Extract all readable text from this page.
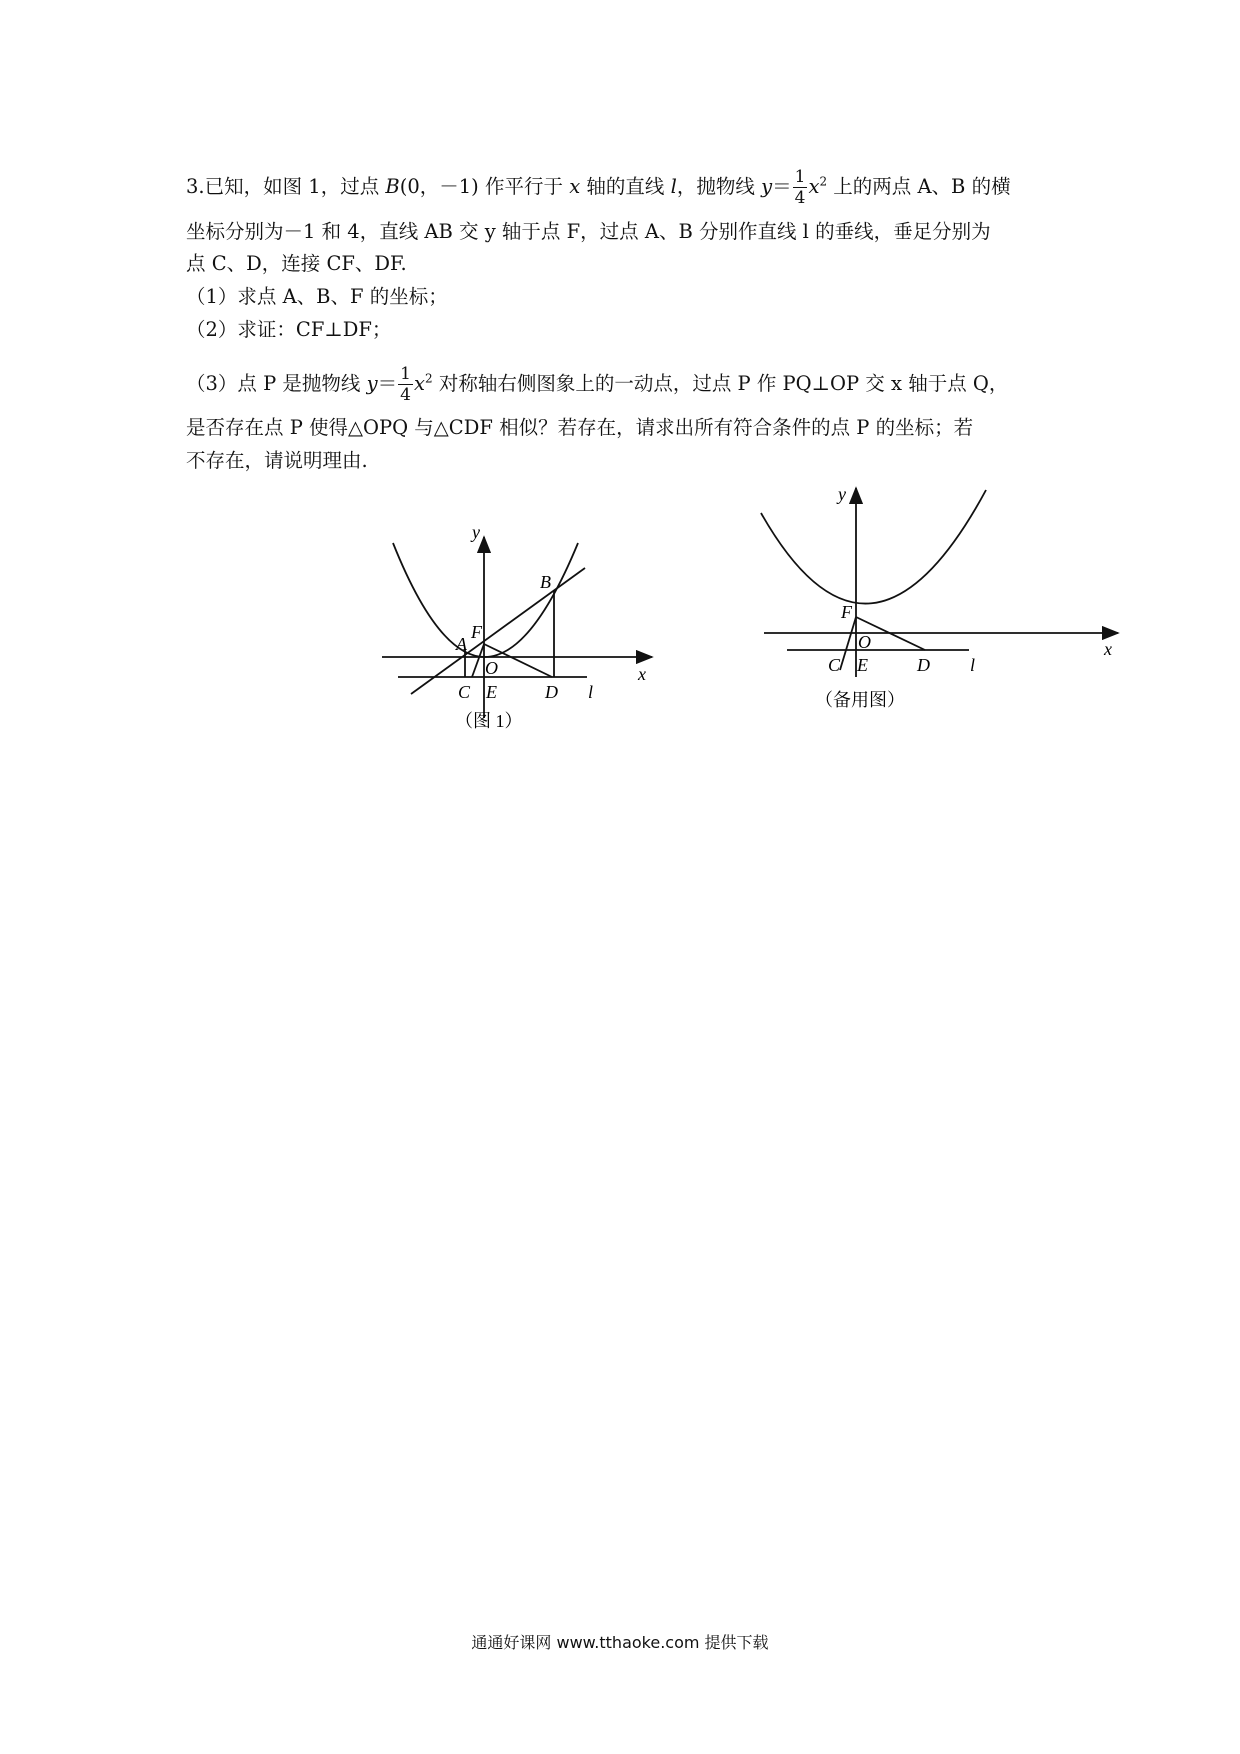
3.已知，如图 1，过点 B(0，－1) 作平行于 x 轴的直线 l，抛物线 $y= \frac{1}{4} x^2$ 上的两点 A、B 的横
坐标分别为－1 和 4，直线 AB 交 y 轴于点 F，过点 A、B 分别作直线 l 的垂线，垂足分别为
点 C、D，连接 CF、DF.
（1）求点 A、B、F 的坐标；
（2）求证：CF⊥DF；
（3）点 P 是抛物线 $y= \frac{1}{4} x^2$ 对称轴右侧图象上的一动点，过点 P 作 PQ⊥OP 交 x 轴于点 Q，
是否存在点 P 使得△OPQ 与△CDF 相似？若存在，请求出所有符合条件的点 P 的坐标；若
不存在，请说明理由.
y
B
A
F
O
C E	D
x
l
（图 1）
y
F
O
C E	D l
x
（备用图）
通通好课网 www.tthaoke.com 提供下载
